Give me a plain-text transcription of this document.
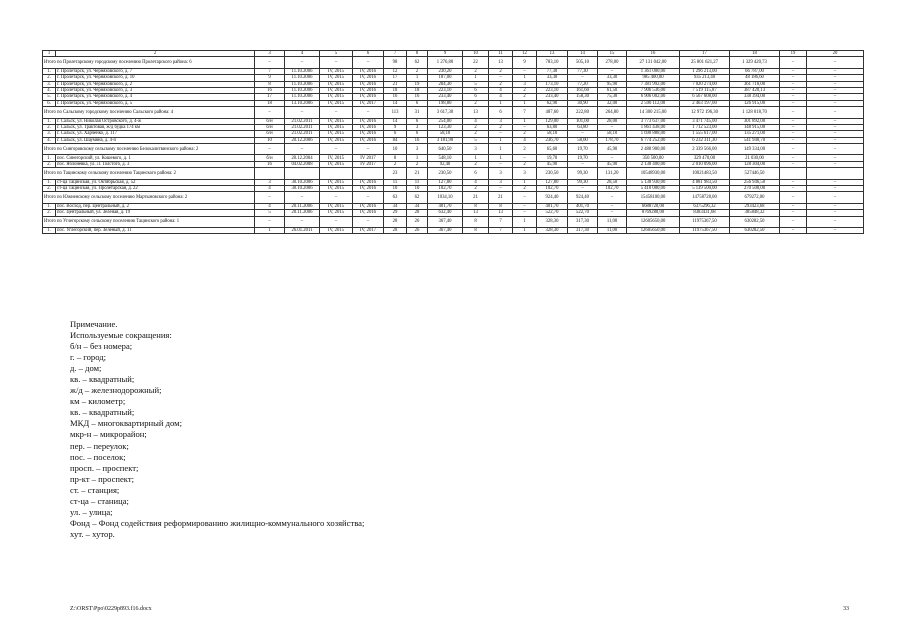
1	2	3	4	5	6	7	8	9	10	11	12	13	14	15	16	17	18	19	20
Итого по Пролетарскому городскому поселению Пролетарского района: 6		–	–	–	–	98	62	1 276,80	22	13	9	783,10	505,10	278,00	27 131 042,00	25 801 621,27	1 329 420,73	–	–
1.	г. Пролетарск, ул. Черняховского, д. 7	7	11.10.2006	IV, 2015	IV, 2016	12	2	230,20	2	2	–	77,30	77,30	–	1 361 000,00	1 296 213,00	66 787,00	–	–
2.	г. Пролетарск, ул. Черняховского, д. 10	9	11.10.2006	IV, 2015	IV, 2016	17	1	187,00	1	–	1	33,30	–	33,30	985 400,00	935 213,40	48 186,60	–	–
3.	г. Пролетарск, ул. Черняховского, д. 2	8	11.10.2006	IV, 2015	IV, 2016	21	19	204,30	5	2	3	173,10	77,20	95,90	7 381 992,00	7 020 274,00	361 718,00	–	–
4.	г. Пролетарск, ул. Черняховского, д. 3	16	11.10.2006	IV, 2015	IV, 2016	18	18	223,10	6	4	2	223,10	161,60	61,50	7 906 536,00	7 519 115,87	387 420,13	–	–
5.	г. Пролетарск, ул. Черняховского, д. 4	17	11.10.2006	IV, 2015	IV, 2016	16	16	233,40	6	4	2	233,40	158,30	75,30	6 906 002,00	6 567 608,00	338 394,00	–	–
6.	г. Пролетарск, ул. Черняховского, д. 5	18	13.10.2006	IV, 2015	IV, 2017	14	6	198,80	2	1	1	62,90	30,90	32,00	2 590 112,00	2 463 197,00	126 915,00	–	–
Итого по Сальскому городскому поселению Сальского района: 4		–	–	–	–	113	31	3 617,30	13	6	7	487,60	222,80	264,80	14 300 215,00	12 972 196,30	1 128 018,70	–	–
1.	г. Сальск, ул. Николая Островского, д. 4-ж	б/н	21.02.2011	IV, 2015	IV, 2016	14	6	254,00	4	3	1	129,00	101,00	28,00	3 773 637,00	3 471 745,00	301 892,00	–	–
2.	г. Сальск, ул. Трактовая, ж/д будка 174 км	б/н	21.02.2011	IV, 2015	IV, 2016	9	3	123,30	2	2	–	63,80	63,80	–	1 861 438,00	1 712 523,00	148 915,00	–	–
3.	г. Сальск, ул. Харченко, д. 117	б/н	21.02.2011	IV, 2015	IV, 2016	6	6	58,10	2	–	2	58,10	–	58,10	1 690 888,00	1 555 617,00	135 271,00	–	–
4.	г. Сальск, ул. Шаумяна, д. 4-п	10	20.12.2006	IV, 2015	IV, 2016	84	16	3 181,90	5	1	4	236,70	58,00	178,70	6 774 252,00	6 232 311,30	541 940,70	–	–
Итого по Сингоровскому сельскому поселению Белокалитвинского района: 2		–	–	–	–	10	3	640,50	3	1	2	65,60	19,70	45,90	2 488 900,00	2 339 566,00	149 334,00	–	–
1.	пос. Синегорский, ул. Кошевого, д. 1	б/н	20.12.2004	IV, 2015	IV 2017	8	1	548,10	1	1	–	19,70	19,70	–	350 500,00	329 470,00	21 030,00	–	–
2.	пос. Яблоневка, ул. Л. Толстого, д. 3	16	04.02.2008	IV, 2015	IV 2017	2	2	92,40	2	–	2	45,90	–	45,90	2 138 400,00	2 010 096,00	128 304,00	–	–
Итого по Тацинскому сельскому поселению Тацинского района: 2						23	21	230,50	6	3	3	230,50	99,30	131,20	10548930,00	10021483,50	527446,50		
1.	ст-ца Тацинская, ул. Октябрьская, д. 52	3	30.10.2006	IV, 2015	IV, 2016	11	11	127,80	4	3	1	127,80	99,30	28,50	5 138 930,00	4 881 983,50	256 946,50	–	–
2.	ст-ца Тацинская, ул. Пролетарская, д. 22	4	30.10.2006	IV, 2015	IV, 2016	10	10	102,70	2	–	2	102,70	–	102,70	5 410 000,00	5 139 500,00	270 500,00	–	–
Итого по Южненскому сельскому поселению Мартыновского района: 2		–	–	–	–	63	62	1034,10	21	21	–	924,40	924,40	–	15458100,00	14758728,00	679272,00	–	–
1.	пос. Восход, пер. Центральный, д. 2	4	20.11.2006	IV, 2015	IV, 2016	34	34	401,70	8	8	–	401,70	401,70	–	6688720,00	6375296,32	293423,68	–	–
2.	пос. Центральный, ул. Зеленая, д. 19	5	20.11.2006	IV, 2015	IV, 2016	29	28	632,40	13	13	–	522,70	522,70	–	8769280,00	8383431,68	385848,32	–	–
Итого по Углегорскому сельскому поселению Тацинского района: 1		–	–	–	–	28	26	367,40	8	7	1	328,30	317,30	11,00	12605650,00	11975367,50	630282,50	–	–
1.	пос. Углегорский, пер. Зеленый, д. 11	1	26.01.2011	IV, 2015	IV, 2017	28	26	367,40	8	7	1	328,30	317,30	11,00	12605650,00	11975367,50	630282,50	–	–
Примечание.
Используемые сокращения:
б/н – без номера;
г. – город;
д. – дом;
кв. – квадратный;
ж/д – железнодорожный;
км – километр;
кв. – квадратный;
МКД – многоквартирный дом;
мкр-н – микрорайон;
пер. – переулок;
пос. – поселок;
просп. – проспект;
пр-кт – проспект;
ст. – станция;
ст-ца – станица;
ул. – улица;
Фонд – Фонд содействия реформированию жилищно-коммунального хозяйства;
хут. – хутор.
Z:\ORST\Ppo\0229p893.f16.docx	33
